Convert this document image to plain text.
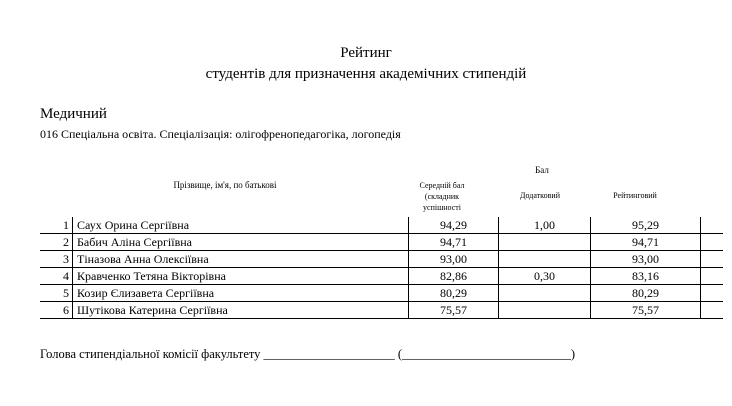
Рейтинг
студентів для призначення академічних стипендій
Медичний
016 Спеціальна освіта. Спеціалізація: олігофренопедагогіка, логопедія
Прізвище, ім'я, по батькові
Бал
Середній бал
(складник
успішності
Додатковий	Рейтинговий
1	Саух Орина Сергіївна	94,29	1,00	95,29	
2	Бабич Аліна Сергіївна	94,71		94,71	
3	Тіназова Анна Олексіївна	93,00		93,00	
4	Кравченко Тетяна Вікторівна	82,86	0,30	83,16	
5	Козир Єлизавета Сергіївна	80,29		80,29	
6	Шутікова Катерина Сергіївна	75,57		75,57	
Голова стипендіальної комісії факультету _____________________ (___________________________)
